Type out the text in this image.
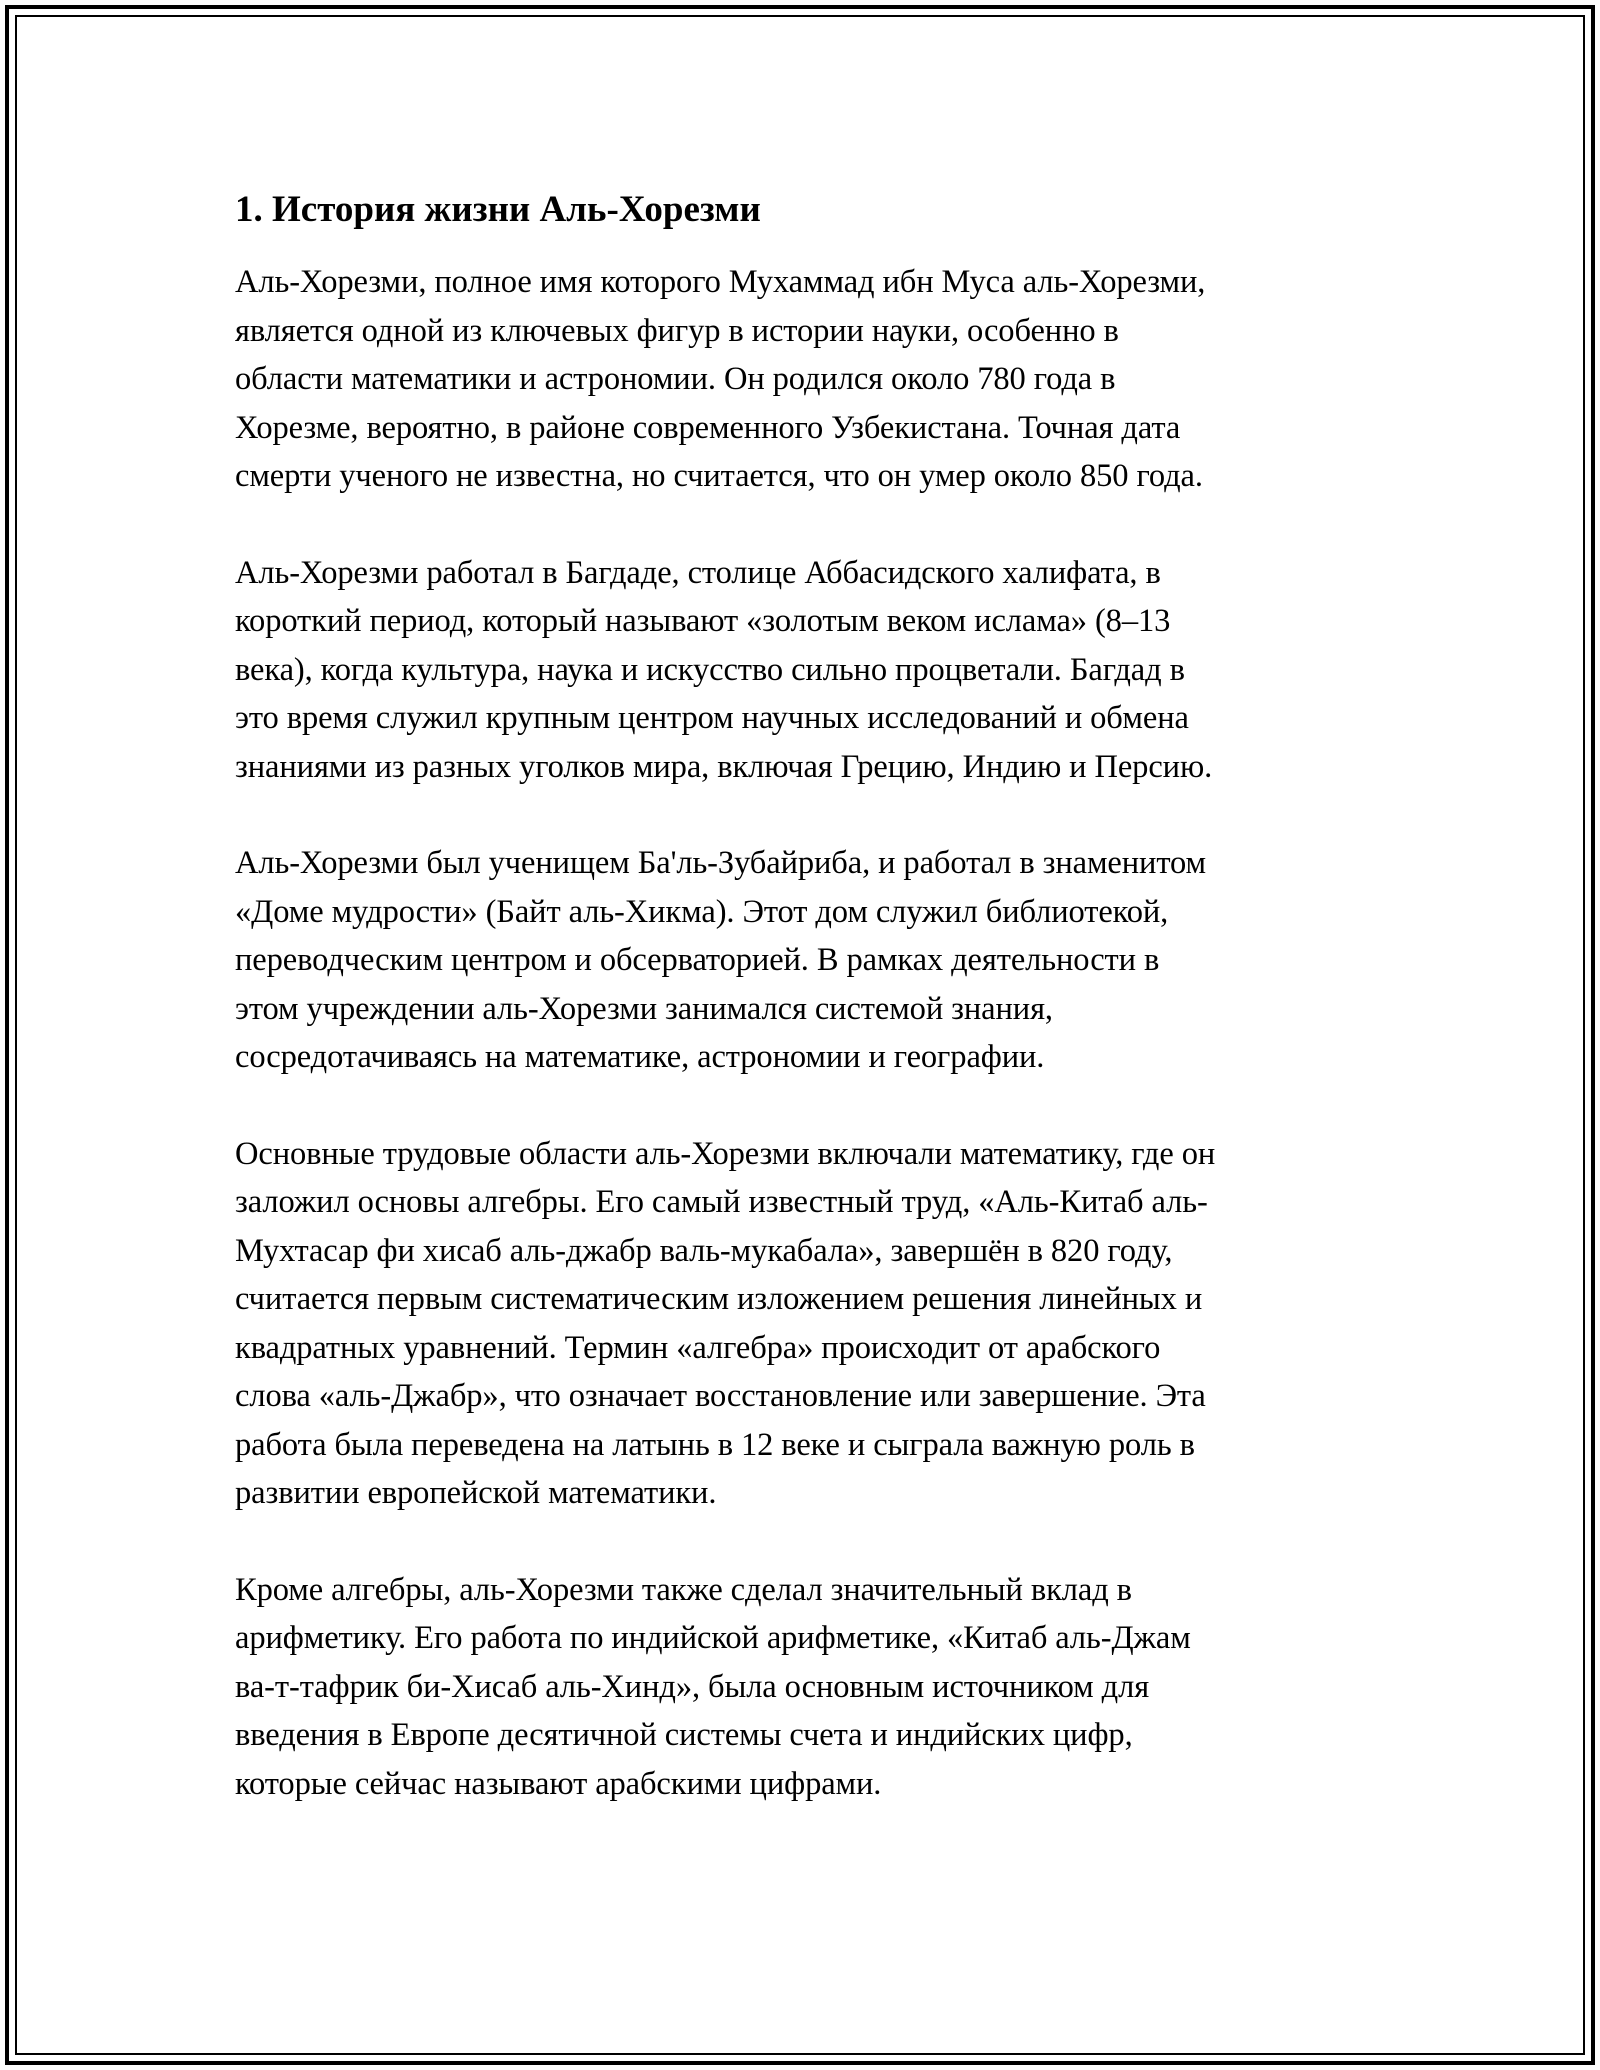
1. История жизни Аль-Хорезми

Аль-Хорезми, полное имя которого Мухаммад ибн Муса аль-Хорезми,
является одной из ключевых фигур в истории науки, особенно в
области математики и астрономии. Он родился около 780 года в
Хорезме, вероятно, в районе современного Узбекистана. Точная дата
смерти ученого не известна, но считается, что он умер около 850 года.

Аль-Хорезми работал в Багдаде, столице Аббасидского халифата, в
короткий период, который называют «золотым веком ислама» (8–13
века), когда культура, наука и искусство сильно процветали. Багдад в
это время служил крупным центром научных исследований и обмена
знаниями из разных уголков мира, включая Грецию, Индию и Персию.

Аль-Хорезми был ученищем Ба'ль-Зубайриба, и работал в знаменитом
«Доме мудрости» (Байт аль-Хикма). Этот дом служил библиотекой,
переводческим центром и обсерваторией. В рамках деятельности в
этом учреждении аль-Хорезми занимался системой знания,
сосредотачиваясь на математике, астрономии и географии.

Основные трудовые области аль-Хорезми включали математику, где он
заложил основы алгебры. Его самый известный труд, «Аль-Китаб аль-
Мухтасар фи хисаб аль-джабр валь-мукабала», завершён в 820 году,
считается первым систематическим изложением решения линейных и
квадратных уравнений. Термин «алгебра» происходит от арабского
слова «аль-Джабр», что означает восстановление или завершение. Эта
работа была переведена на латынь в 12 веке и сыграла важную роль в
развитии европейской математики.

Кроме алгебры, аль-Хорезми также сделал значительный вклад в
арифметику. Его работа по индийской арифметике, «Китаб аль-Джам
ва-т-тафрик би-Хисаб аль-Хинд», была основным источником для
введения в Европе десятичной системы счета и индийских цифр,
которые сейчас называют арабскими цифрами.
